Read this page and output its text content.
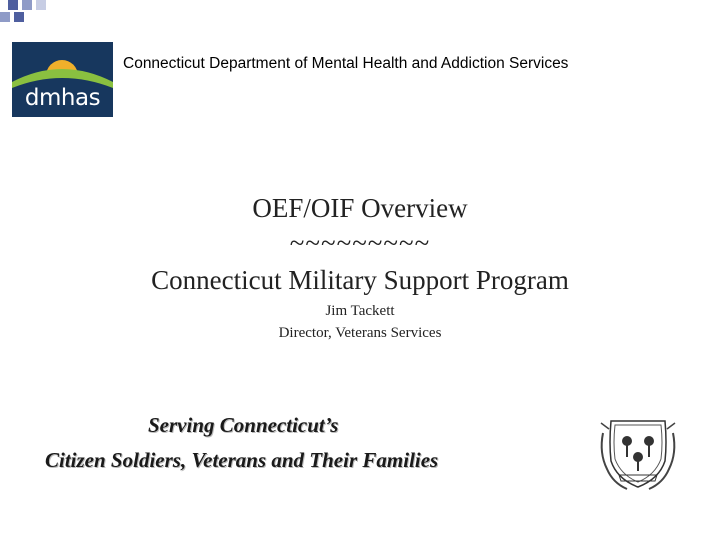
dmhas
Connecticut Department of Mental Health and Addiction Services
OEF/OIF Overview
~~~~~~~~~
Connecticut Military Support Program
Jim Tackett
Director, Veterans Services
Serving Connecticut’s
Citizen Soldiers, Veterans and Their Families
